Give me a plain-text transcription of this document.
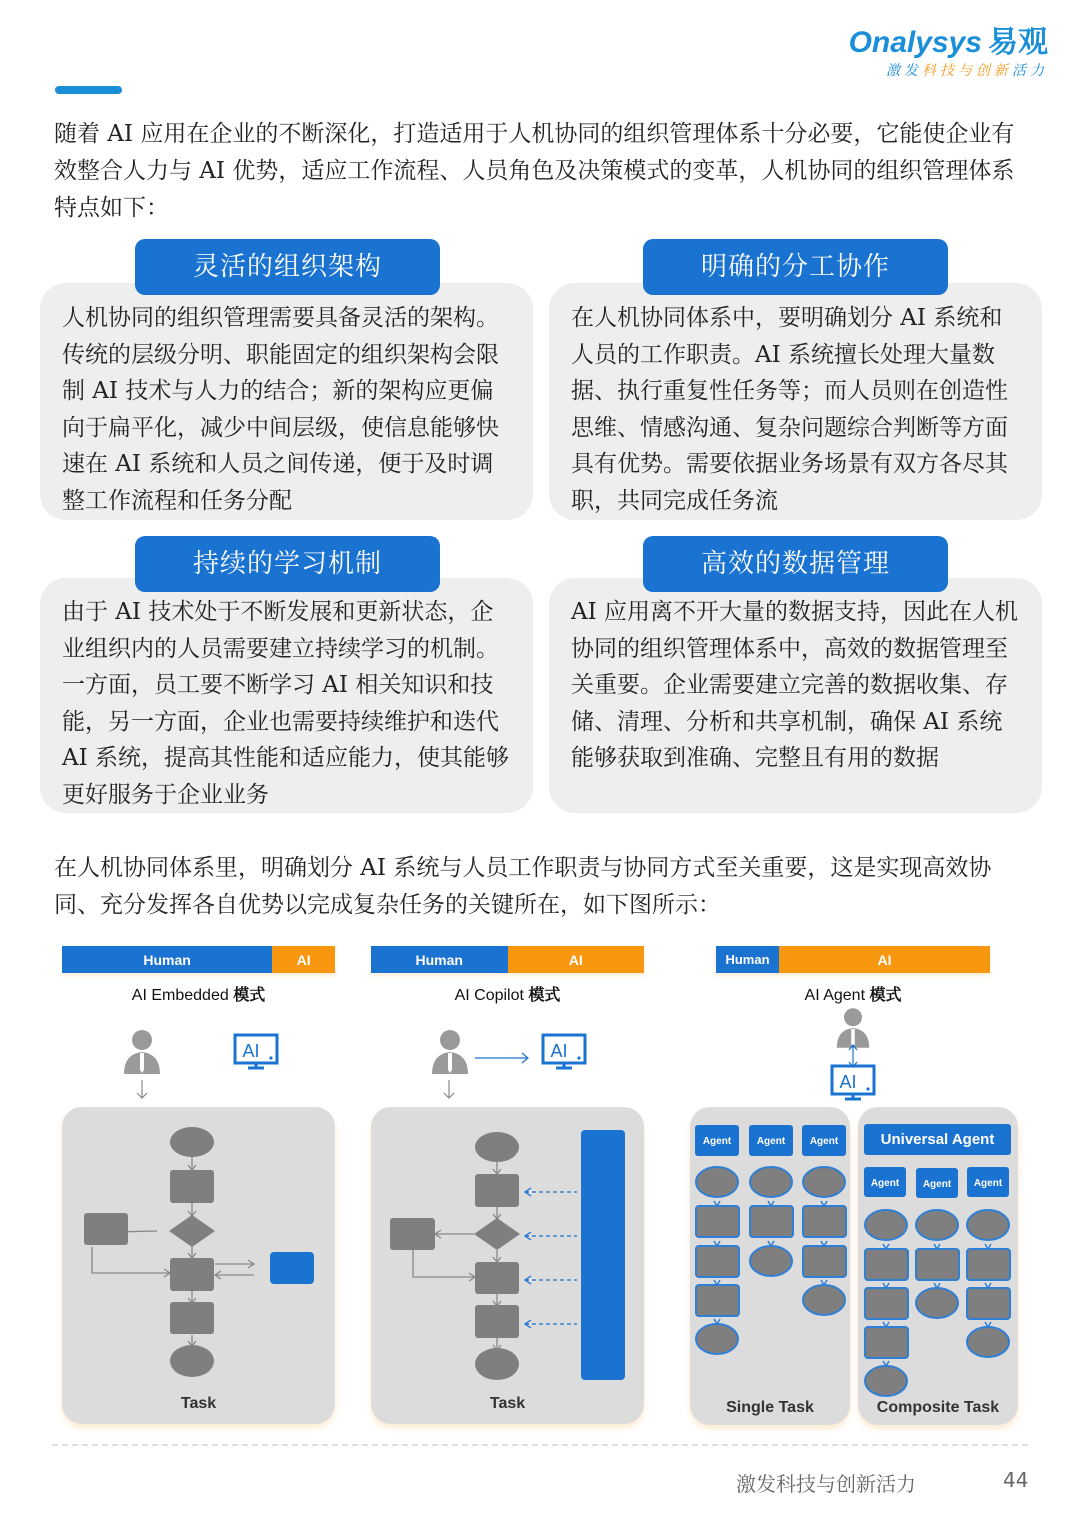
Onalysys 易观
激发科技与创新活力

随着 AI 应用在企业的不断深化，打造适用于人机协同的组织管理体系十分必要，它能使企业有效整合人力与 AI 优势，适应工作流程、人员角色及决策模式的变革，人机协同的组织管理体系特点如下：

人机协同的组织管理需要具备灵活的架构。传统的层级分明、职能固定的组织架构会限制 AI 技术与人力的结合；新的架构应更偏向于扁平化，减少中间层级，使信息能够快速在 AI 系统和人员之间传递，便于及时调整工作流程和任务分配
灵活的组织架构
在人机协同体系中，要明确划分 AI 系统和人员的工作职责。AI 系统擅长处理大量数据、执行重复性任务等；而人员则在创造性思维、情感沟通、复杂问题综合判断等方面具有优势。需要依据业务场景有双方各尽其职，共同完成任务流
明确的分工协作
由于 AI 技术处于不断发展和更新状态，企业组织内的人员需要建立持续学习的机制。一方面，员工要不断学习 AI 相关知识和技能，另一方面，企业也需要持续维护和迭代AI 系统，提高其性能和适应能力，使其能够更好服务于企业业务
持续的学习机制
AI 应用离不开大量的数据支持，因此在人机协同的组织管理体系中，高效的数据管理至关重要。企业需要建立完善的数据收集、存储、清理、分析和共享机制，确保 AI 系统能够获取到准确、完整且有用的数据
高效的数据管理

在人机协同体系里，明确划分 AI 系统与人员工作职责与协同方式至关重要，这是实现高效协同、充分发挥各自优势以完成复杂任务的关键所在，如下图所示：

Human	AI
AI Embedded 模式
AI
Task
Human	AI
AI Copilot 模式
AI
Task
Human	AI
AI Agent 模式
AI
Agent	Agent Agent
Single Task
Universal Agent
Agent Agent Agent
Composite Task
激发科技与创新活力	44
